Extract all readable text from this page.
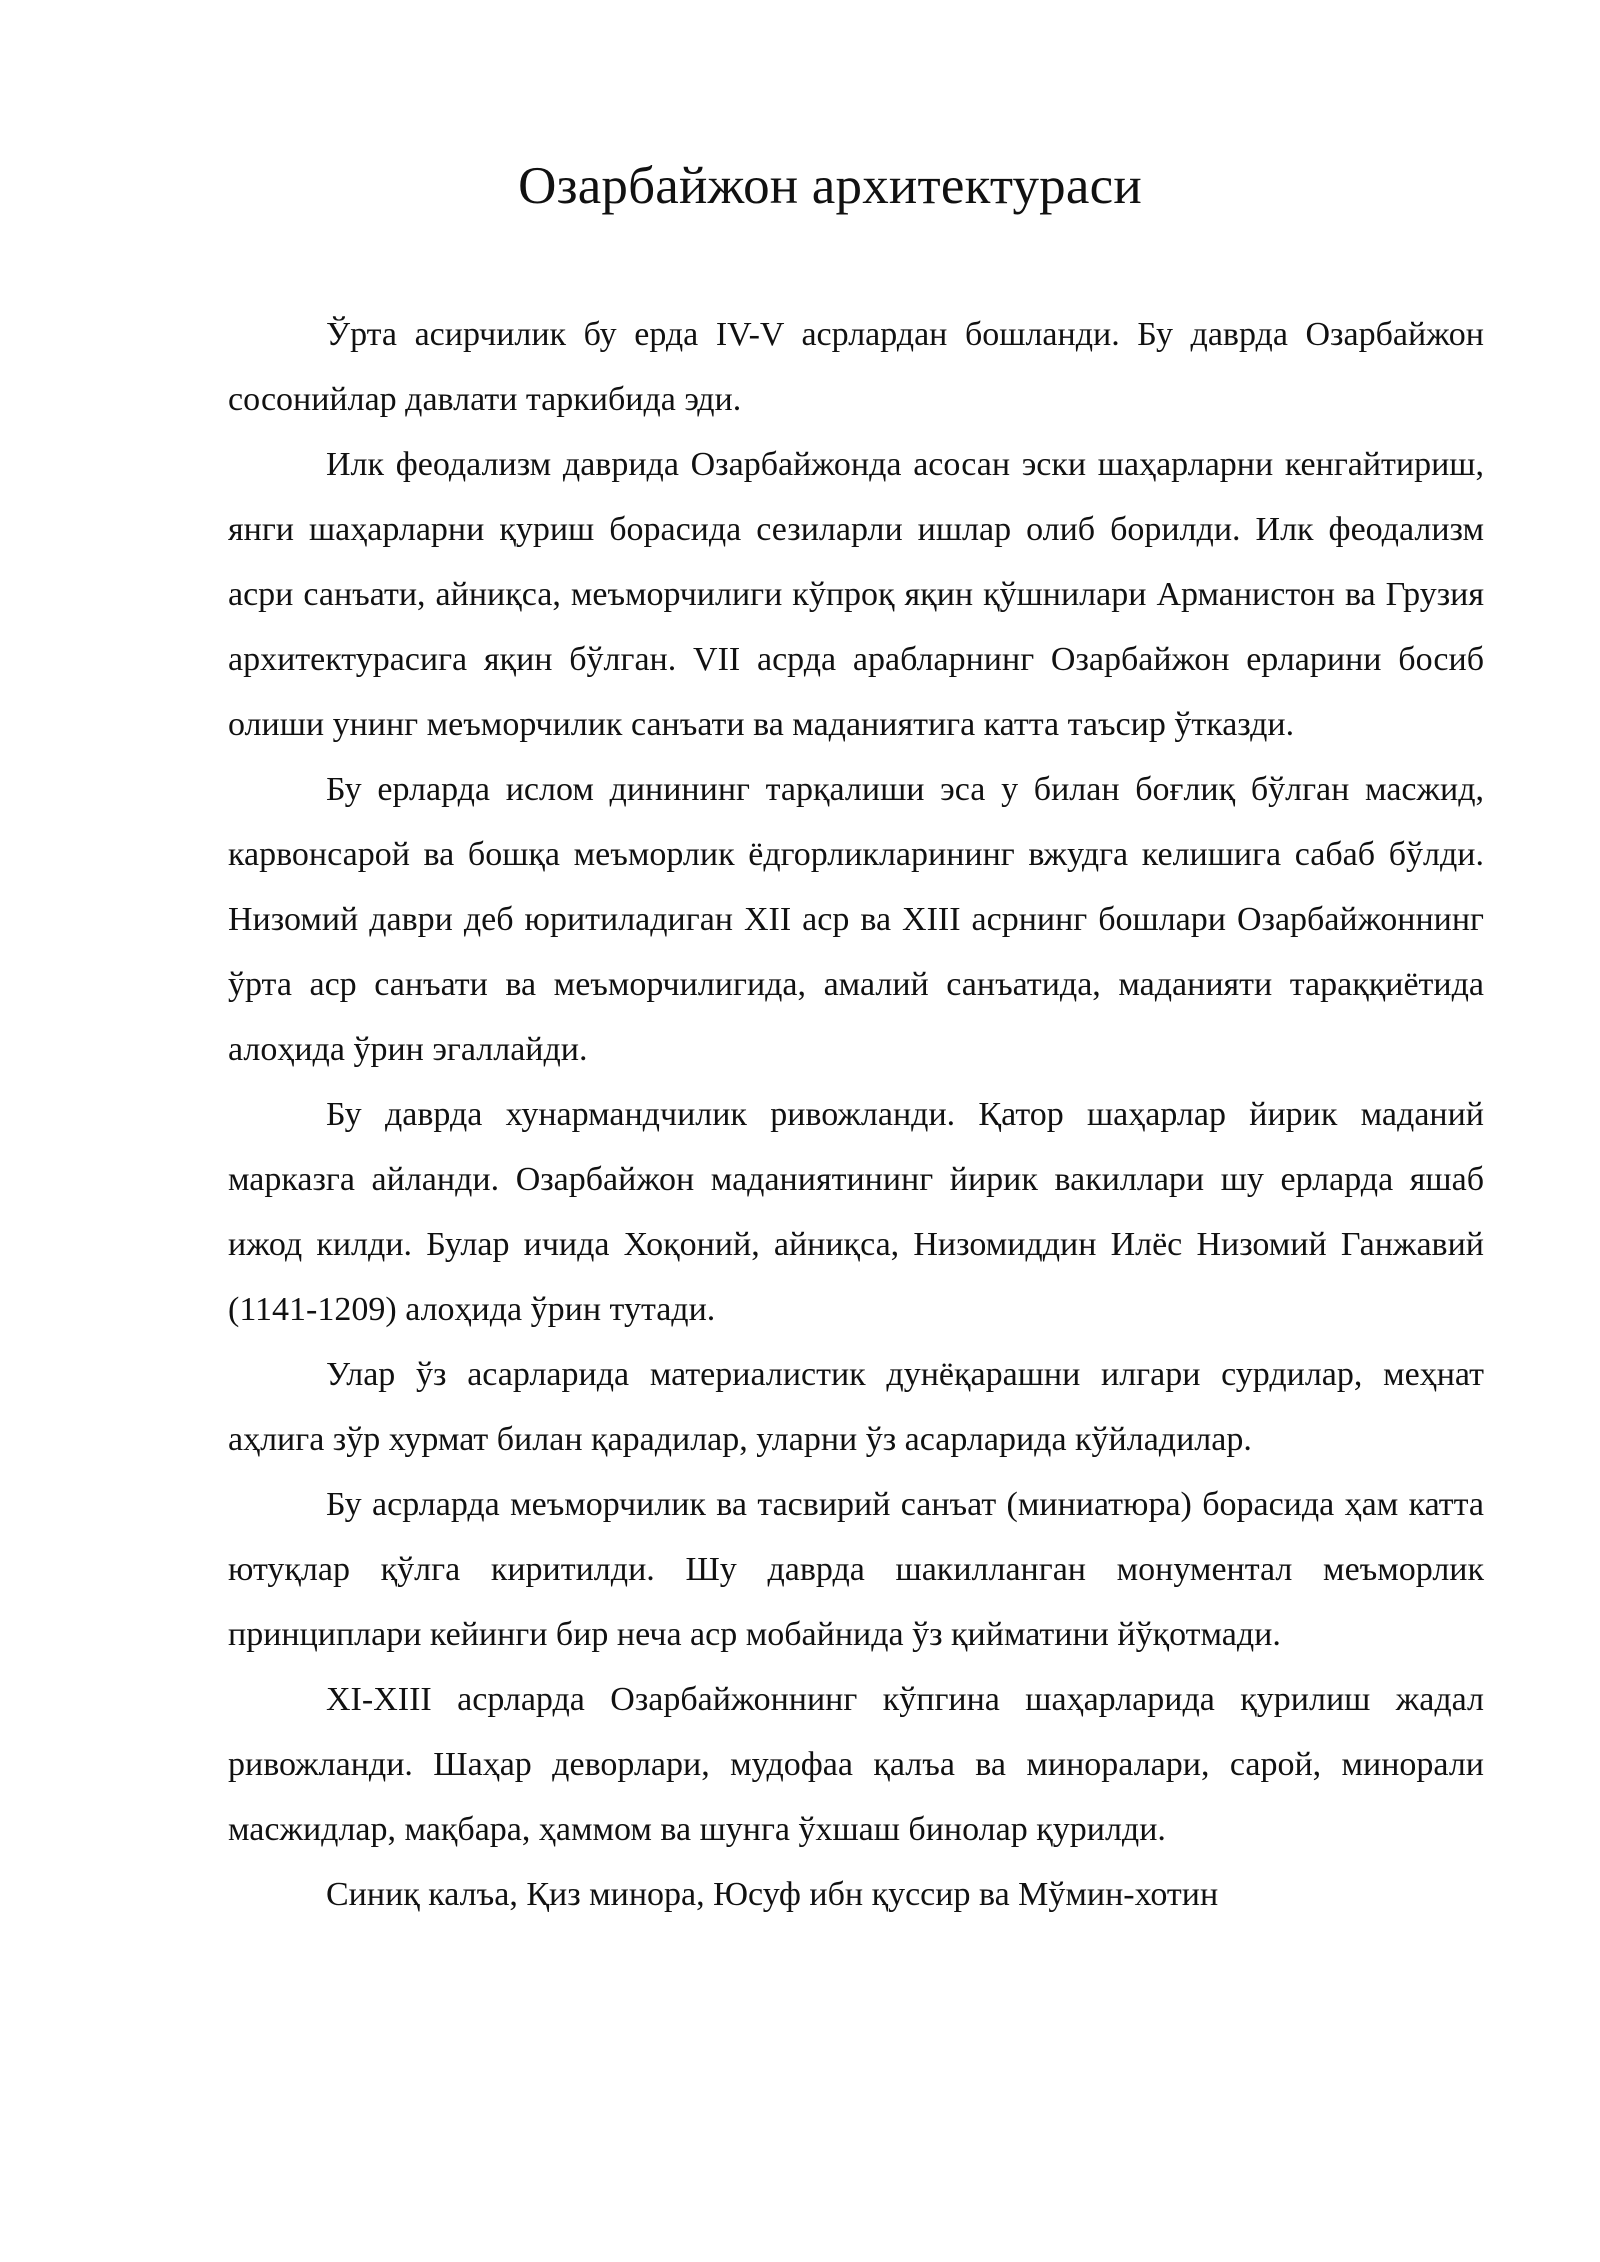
Озарбайжон архитектураси

Ўрта асирчилик бу ерда IV-V асрлардан бошланди. Бу даврда Озарбайжон сосонийлар давлати таркибида эди.

Илк феодализм даврида Озарбайжонда асосан эски шаҳарларни кенгайтириш, янги шаҳарларни қуриш борасида сезиларли ишлар олиб борилди. Илк феодализм асри санъати, айниқса, меъморчилиги кўпроқ яқин қўшнилари Арманистон ва Грузия архитектурасига яқин бўлган. VII асрда арабларнинг Озарбайжон ерларини босиб олиши унинг меъморчилик санъати ва маданиятига катта таъсир ўтказди.

Бу ерларда ислом динининг тарқалиши эса у билан боғлиқ бўлган масжид, карвонсарой ва бошқа меъморлик ёдгорликларининг вжудга келишига сабаб бўлди. Низомий даври деб юритиладиган XII аср ва XIII асрнинг бошлари Озарбайжоннинг ўрта аср санъати ва меъморчилигида, амалий санъатида, маданияти тараққиётида алоҳида ўрин эгаллайди.

Бу даврда хунармандчилик ривожланди. Қатор шаҳарлар йирик маданий марказга айланди. Озарбайжон маданиятининг йирик вакиллари шу ерларда яшаб ижод килди. Булар ичида Хоқоний, айниқса, Низомиддин Илёс Низомий Ганжавий (1141-1209) алоҳида ўрин тутади.

Улар ўз асарларида материалистик дунёқарашни илгари сурдилар, меҳнат аҳлига зўр хурмат билан қарадилар, уларни ўз асарларида кўйладилар.

Бу асрларда меъморчилик ва тасвирий санъат (миниатюра) борасида ҳам катта ютуқлар қўлга киритилди. Шу даврда шакилланган монументал меъморлик принциплари кейинги бир неча аср мобайнида ўз қийматини йўқотмади.

XI-XIII асрларда Озарбайжоннинг кўпгина шаҳарларида қурилиш жадал ривожланди. Шаҳар деворлари, мудофаа қалъа ва миноралари, сарой, минорали масжидлар, мақбара, ҳаммом ва шунга ўхшаш бинолар қурилди.

Синиқ калъа, Қиз минора, Юсуф ибн қуссир ва Мўмин-хотин
